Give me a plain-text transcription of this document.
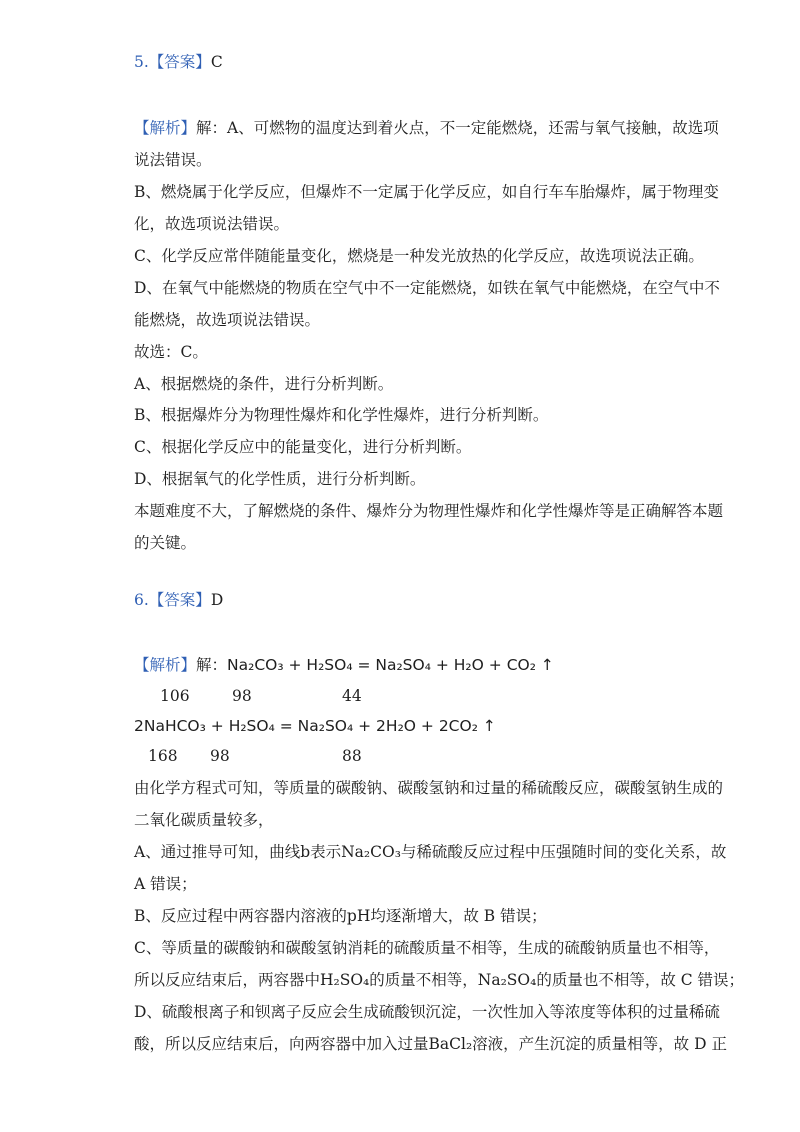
5.【答案】C
【解析】解：A、可燃物的温度达到着火点，不一定能燃烧，还需与氧气接触，故选项
说法错误。
B、燃烧属于化学反应，但爆炸不一定属于化学反应，如自行车车胎爆炸，属于物理变
化，故选项说法错误。
C、化学反应常伴随能量变化，燃烧是一种发光放热的化学反应，故选项说法正确。
D、在氧气中能燃烧的物质在空气中不一定能燃烧，如铁在氧气中能燃烧，在空气中不
能燃烧，故选项说法错误。
故选：C。
A、根据燃烧的条件，进行分析判断。
B、根据爆炸分为物理性爆炸和化学性爆炸，进行分析判断。
C、根据化学反应中的能量变化，进行分析判断。
D、根据氧气的化学性质，进行分析判断。
本题难度不大，了解燃烧的条件、爆炸分为物理性爆炸和化学性爆炸等是正确解答本题
的关键。
6.【答案】D
【解析】解：Na₂CO₃ + H₂SO₄ = Na₂SO₄ + H₂O + CO₂ ↑
106	98	44
2NaHCO₃ + H₂SO₄ = Na₂SO₄ + 2H₂O + 2CO₂ ↑
168 98	88
由化学方程式可知，等质量的碳酸钠、碳酸氢钠和过量的稀硫酸反应，碳酸氢钠生成的
二氧化碳质量较多，
A、通过推导可知，曲线b表示Na₂CO₃与稀硫酸反应过程中压强随时间的变化关系，故
A 错误；
B、反应过程中两容器内溶液的pH均逐渐增大，故 B 错误；
C、等质量的碳酸钠和碳酸氢钠消耗的硫酸质量不相等，生成的硫酸钠质量也不相等，
所以反应结束后，两容器中H₂SO₄的质量不相等，Na₂SO₄的质量也不相等，故 C 错误；
D、硫酸根离子和钡离子反应会生成硫酸钡沉淀，一次性加入等浓度等体积的过量稀硫
酸，所以反应结束后，向两容器中加入过量BaCl₂溶液，产生沉淀的质量相等，故 D 正
